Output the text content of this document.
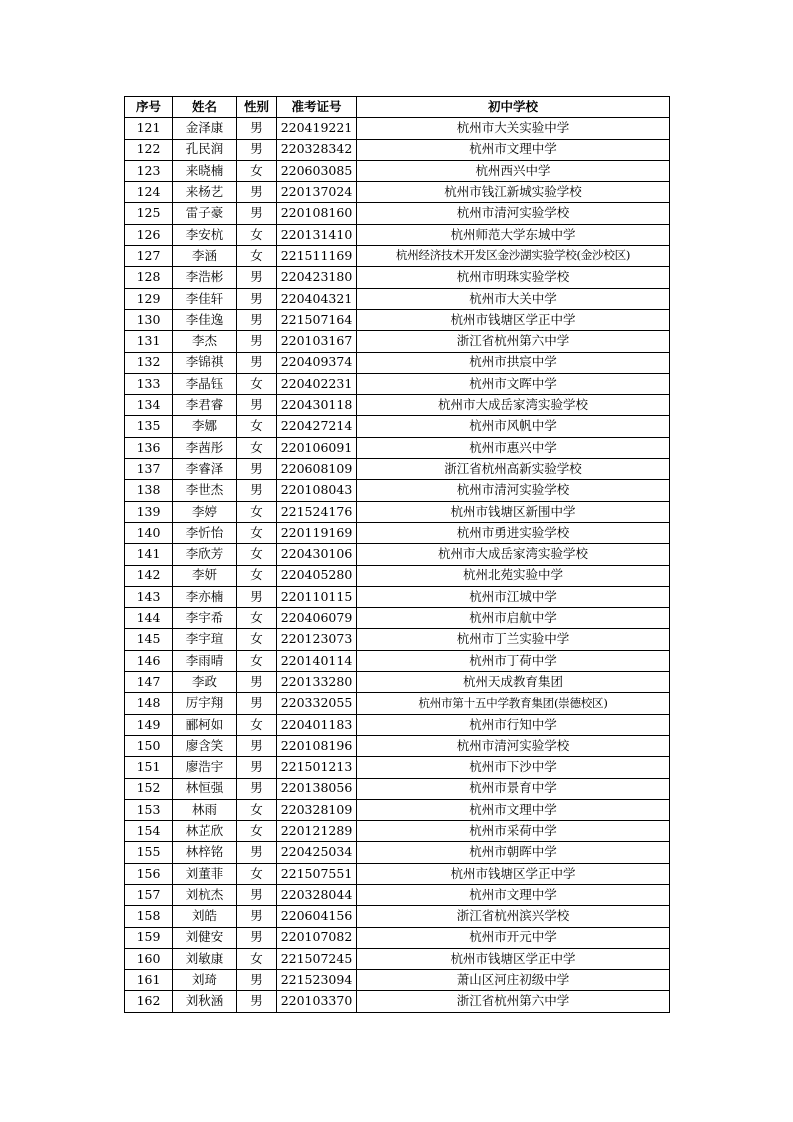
序号	姓名	性别	准考证号	初中学校
121	金泽康	男	220419221	杭州市大关实验中学
122	孔民润	男	220328342	杭州市文理中学
123	来晓楠	女	220603085	杭州西兴中学
124	来杨艺	男	220137024	杭州市钱江新城实验学校
125	雷子豪	男	220108160	杭州市清河实验学校
126	李安杭	女	220131410	杭州师范大学东城中学
127	李涵	女	221511169	杭州经济技术开发区金沙湖实验学校(金沙校区)
128	李浩彬	男	220423180	杭州市明珠实验学校
129	李佳轩	男	220404321	杭州市大关中学
130	李佳逸	男	221507164	杭州市钱塘区学正中学
131	李杰	男	220103167	浙江省杭州第六中学
132	李锦祺	男	220409374	杭州市拱宸中学
133	李晶钰	女	220402231	杭州市文晖中学
134	李君睿	男	220430118	杭州市大成岳家湾实验学校
135	李娜	女	220427214	杭州市风帆中学
136	李茜彤	女	220106091	杭州市惠兴中学
137	李睿泽	男	220608109	浙江省杭州高新实验学校
138	李世杰	男	220108043	杭州市清河实验学校
139	李婷	女	221524176	杭州市钱塘区新围中学
140	李忻怡	女	220119169	杭州市勇进实验学校
141	李欣芳	女	220430106	杭州市大成岳家湾实验学校
142	李妍	女	220405280	杭州北苑实验中学
143	李亦楠	男	220110115	杭州市江城中学
144	李宇希	女	220406079	杭州市启航中学
145	李宇瑄	女	220123073	杭州市丁兰实验中学
146	李雨晴	女	220140114	杭州市丁荷中学
147	李政	男	220133280	杭州天成教育集团
148	厉宇翔	男	220332055	杭州市第十五中学教育集团(崇德校区)
149	郦柯如	女	220401183	杭州市行知中学
150	廖含笑	男	220108196	杭州市清河实验学校
151	廖浩宇	男	221501213	杭州市下沙中学
152	林恒强	男	220138056	杭州市景育中学
153	林雨	女	220328109	杭州市文理中学
154	林芷欣	女	220121289	杭州市采荷中学
155	林梓铭	男	220425034	杭州市朝晖中学
156	刘董菲	女	221507551	杭州市钱塘区学正中学
157	刘杭杰	男	220328044	杭州市文理中学
158	刘皓	男	220604156	浙江省杭州滨兴学校
159	刘健安	男	220107082	杭州市开元中学
160	刘敏康	女	221507245	杭州市钱塘区学正中学
161	刘琦	男	221523094	萧山区河庄初级中学
162	刘秋涵	男	220103370	浙江省杭州第六中学
